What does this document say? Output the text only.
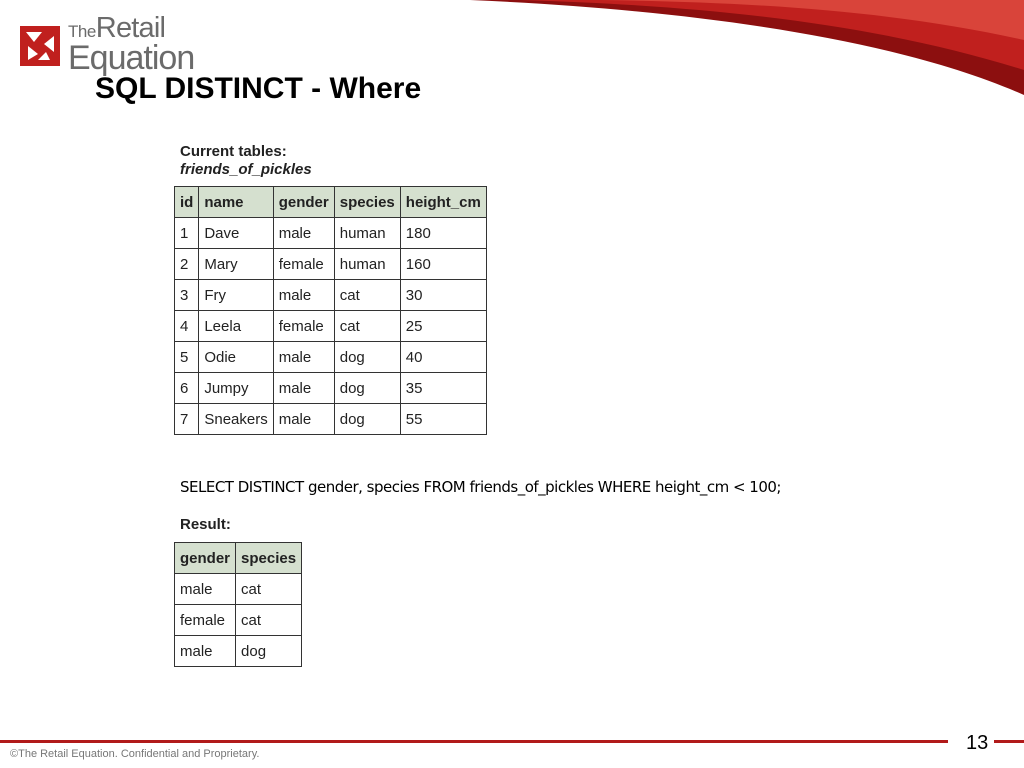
TheRetail
Equation
SQL DISTINCT - Where
Current tables:
friends_of_pickles
id	name	gender	species	height_cm
1	Dave	male	human	180
2	Mary	female	human	160
3	Fry	male	cat	30
4	Leela	female	cat	25
5	Odie	male	dog	40
6	Jumpy	male	dog	35
7	Sneakers	male	dog	55
SELECT DISTINCT gender, species FROM friends_of_pickles WHERE height_cm < 100;
Result:
gender	species
male	cat
female	cat
male	dog
13
©The Retail Equation. Confidential and Proprietary.
